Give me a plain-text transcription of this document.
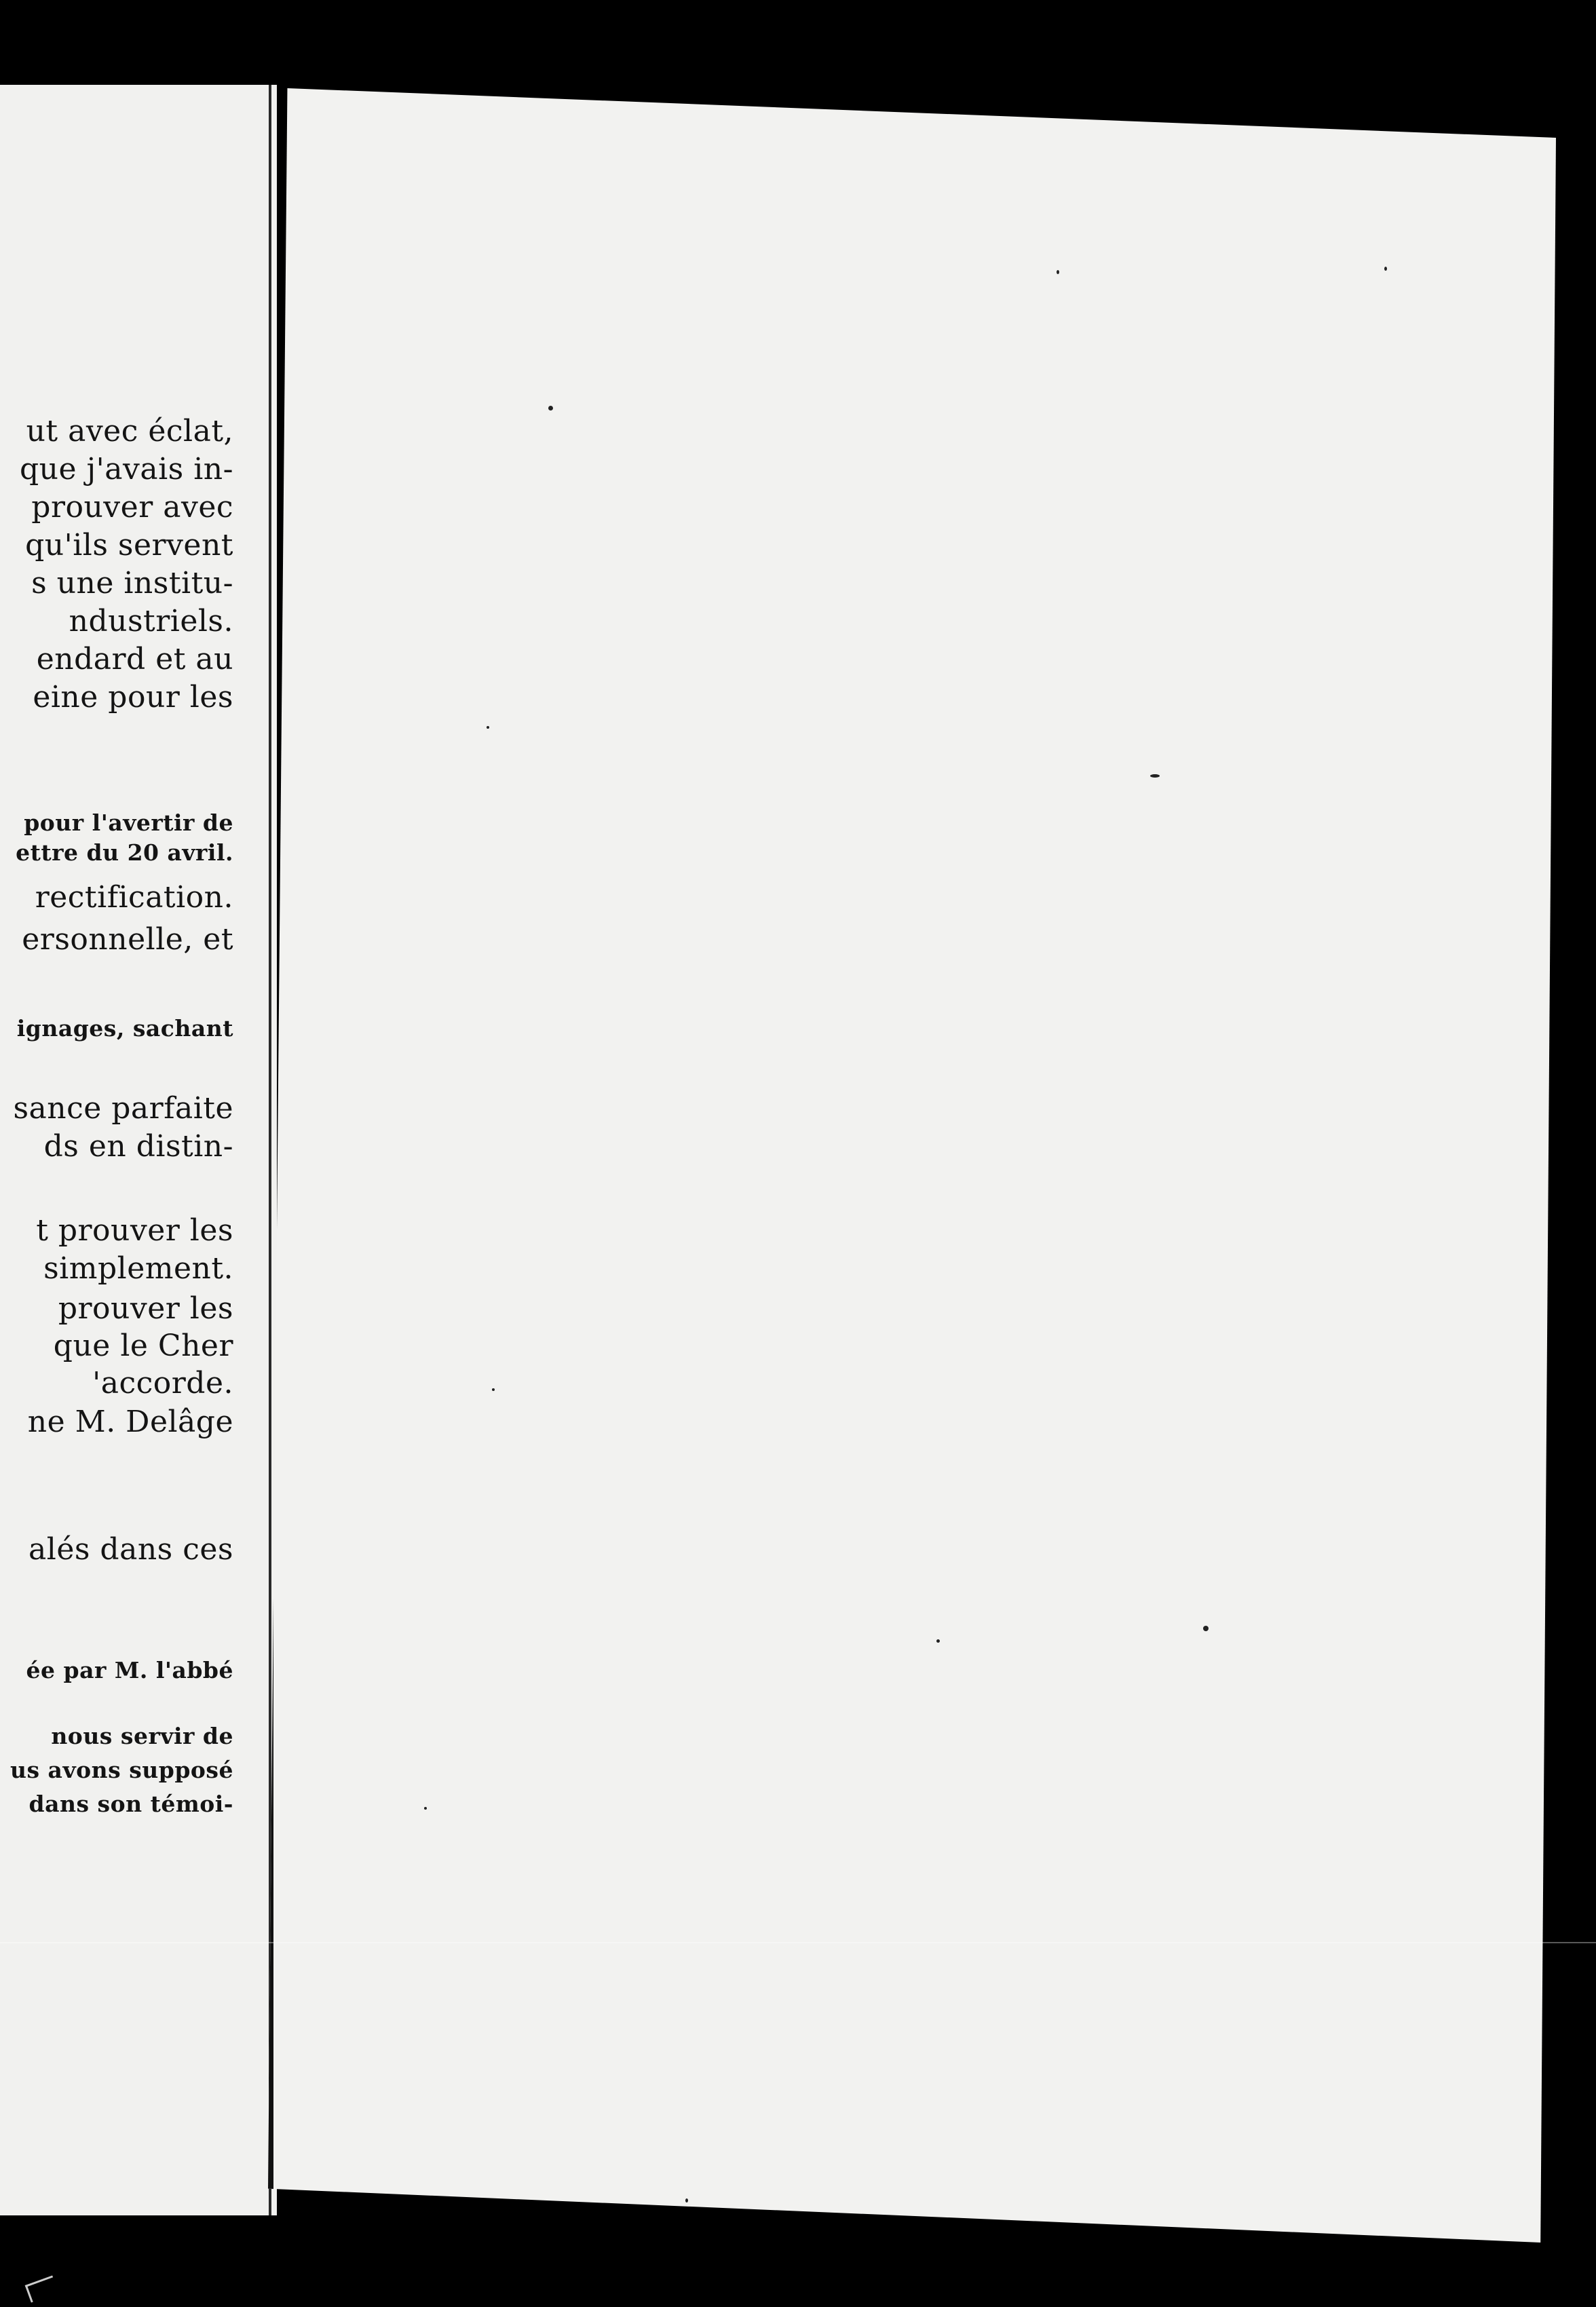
ut avec éclat,
que j'avais in-
prouver avec
qu'ils servent
s une institu-
ndustriels.
endard et au
eine pour les
pour l'avertir de
ettre du 20 avril.
rectification.
ersonnelle, et
ignages, sachant
sance parfaite
ds en distin-
t prouver les
simplement.
prouver les
que le Cher
'accorde.
ne M. Delâge
alés dans ces
ée par M. l'abbé
nous servir de
us avons supposé
dans son témoi-
